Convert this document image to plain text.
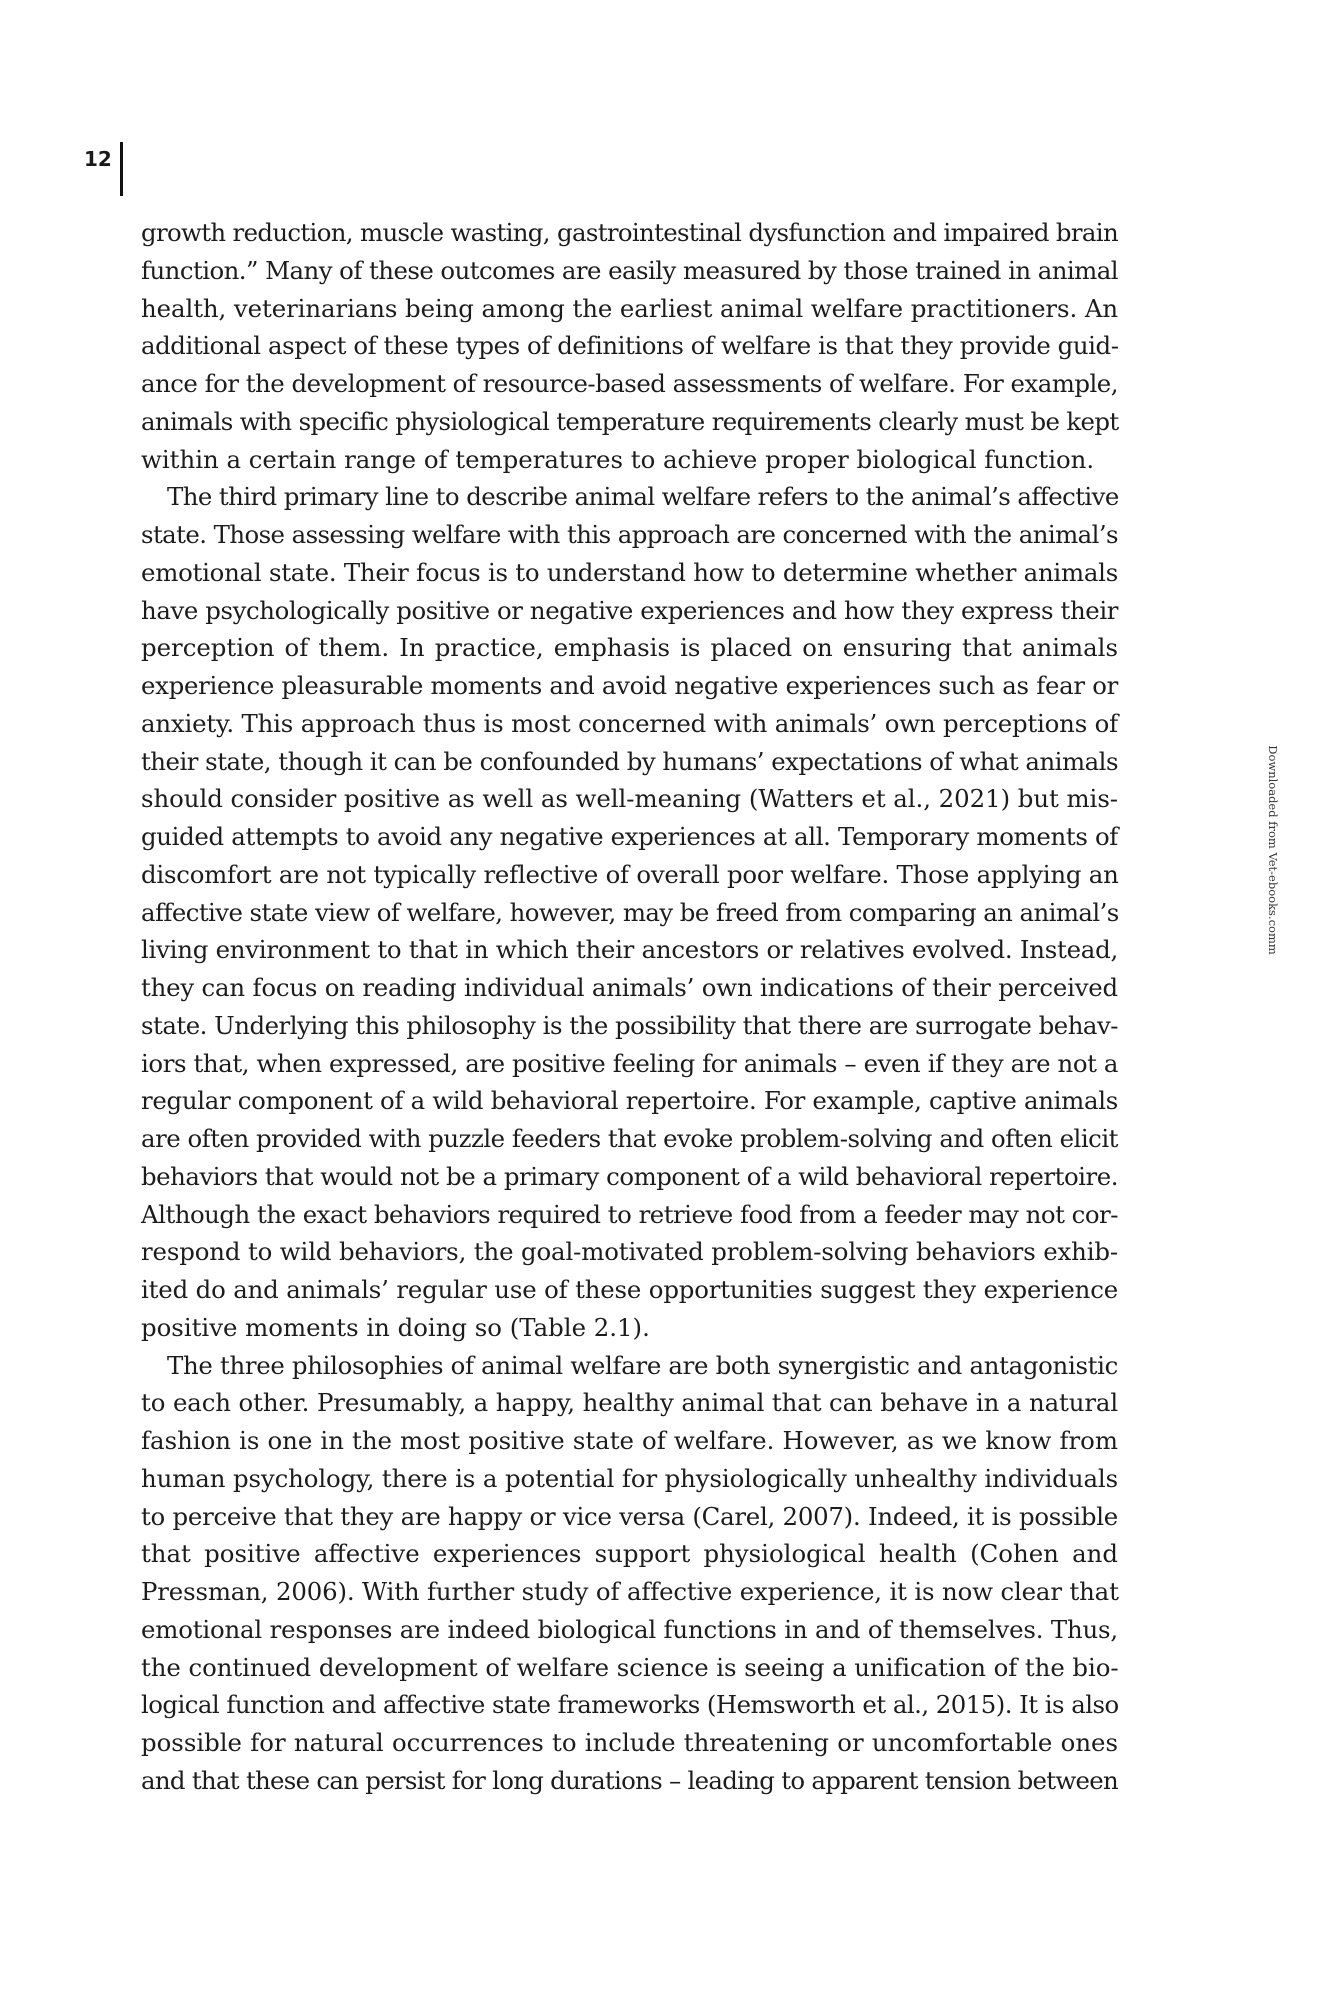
12
growth reduction, muscle wasting, gastrointestinal dysfunction and impaired brain
function.” Many of these outcomes are easily measured by those trained in animal
health, veterinarians being among the earliest animal welfare practitioners. An
additional aspect of these types of definitions of welfare is that they provide guid-
ance for the development of resource-based assessments of welfare. For example,
animals with specific physiological temperature requirements clearly must be kept
within a certain range of temperatures to achieve proper biological function.
The third primary line to describe animal welfare refers to the animal’s affective
state. Those assessing welfare with this approach are concerned with the animal’s
emotional state. Their focus is to understand how to determine whether animals
have psychologically positive or negative experiences and how they express their
perception of them. In practice, emphasis is placed on ensuring that animals
experience pleasurable moments and avoid negative experiences such as fear or
anxiety. This approach thus is most concerned with animals’ own perceptions of
their state, though it can be confounded by humans’ expectations of what animals
should consider positive as well as well-meaning (Watters et al., 2021) but mis-
guided attempts to avoid any negative experiences at all. Temporary moments of
discomfort are not typically reflective of overall poor welfare. Those applying an
affective state view of welfare, however, may be freed from comparing an animal’s
living environment to that in which their ancestors or relatives evolved. Instead,
they can focus on reading individual animals’ own indications of their perceived
state. Underlying this philosophy is the possibility that there are surrogate behav-
iors that, when expressed, are positive feeling for animals – even if they are not a
regular component of a wild behavioral repertoire. For example, captive animals
are often provided with puzzle feeders that evoke problem-solving and often elicit
behaviors that would not be a primary component of a wild behavioral repertoire.
Although the exact behaviors required to retrieve food from a feeder may not cor-
respond to wild behaviors, the goal-motivated problem-solving behaviors exhib-
ited do and animals’ regular use of these opportunities suggest they experience
positive moments in doing so (Table 2.1).
The three philosophies of animal welfare are both synergistic and antagonistic
to each other. Presumably, a happy, healthy animal that can behave in a natural
fashion is one in the most positive state of welfare. However, as we know from
human psychology, there is a potential for physiologically unhealthy individuals
to perceive that they are happy or vice versa (Carel, 2007). Indeed, it is possible
that positive affective experiences support physiological health (Cohen and
Pressman, 2006). With further study of affective experience, it is now clear that
emotional responses are indeed biological functions in and of themselves. Thus,
the continued development of welfare science is seeing a unification of the bio-
logical function and affective state frameworks (Hemsworth et al., 2015). It is also
possible for natural occurrences to include threatening or uncomfortable ones
and that these can persist for long durations – leading to apparent tension between
Downloaded from Vet-ebooks.comm
